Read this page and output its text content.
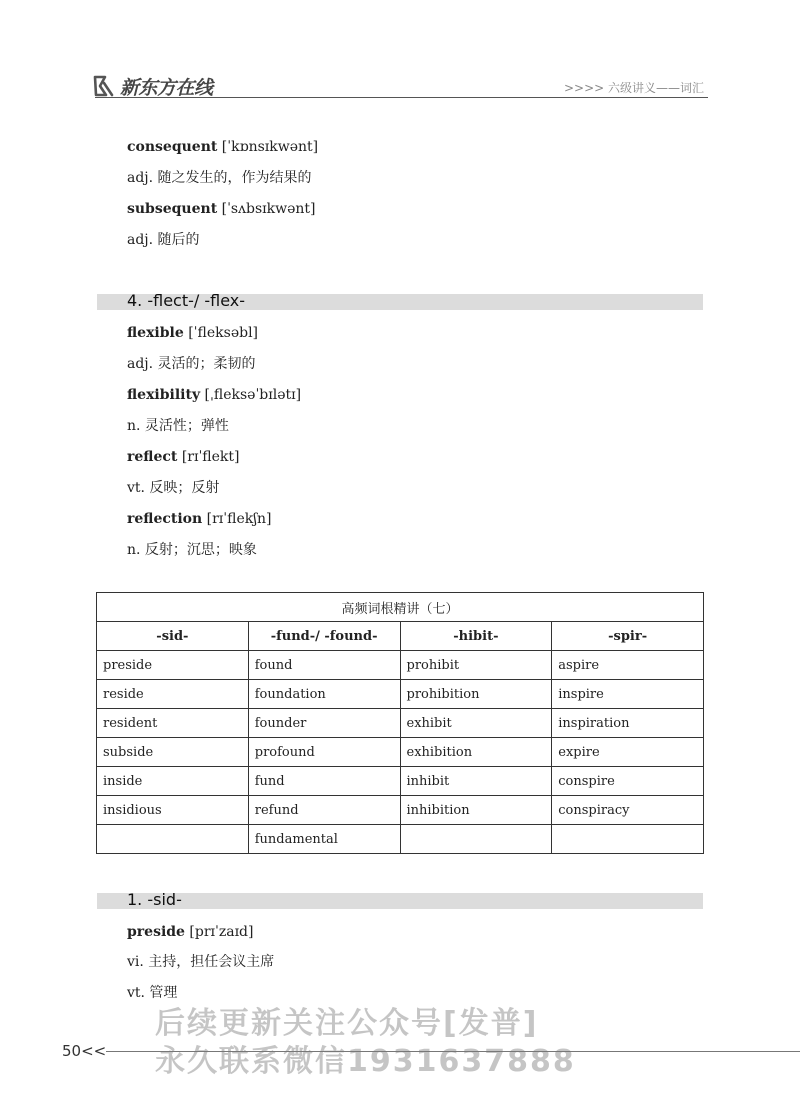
新东方在线	>>>> 六级讲义——词汇
consequent [ˈkɒnsɪkwənt]
adj. 随之发生的，作为结果的
subsequent [ˈsʌbsɪkwənt]
adj. 随后的
4. -flect-/ -flex-
flexible [ˈfleksəbl]
adj. 灵活的；柔韧的
flexibility [ˌfleksəˈbɪlətɪ]
n. 灵活性；弹性
reflect [rɪˈflekt]
vt. 反映；反射
reflection [rɪˈflekʃn]
n. 反射；沉思；映象
高频词根精讲（七）			
-sid-	-fund-/ -found-	-hibit-	-spir-
preside	found	prohibit	aspire
reside	foundation	prohibition	inspire
resident	founder	exhibit	inspiration
subside	profound	exhibition	expire
inside	fund	inhibit	conspire
insidious	refund	inhibition	conspiracy
	fundamental		
1. -sid-
preside [prɪˈzaɪd]
vi. 主持，担任会议主席
vt. 管理
后续更新关注公众号[发普]
永久联系微信1931637888
50<<
